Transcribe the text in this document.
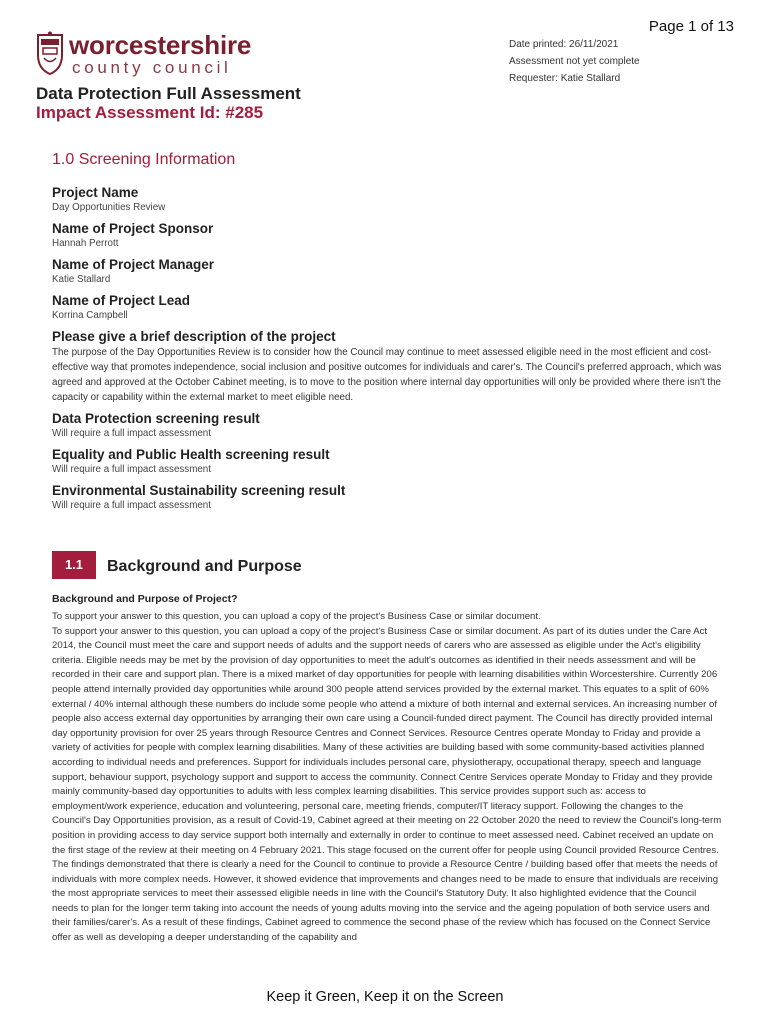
Page 1 of 13
worcestershire
county council
Date printed: 26/11/2021
Assessment not yet complete
Requester: Katie Stallard
Data Protection Full Assessment
Impact Assessment Id: #285
1.0 Screening Information
Project Name
Day Opportunities Review
Name of Project Sponsor
Hannah Perrott
Name of Project Manager
Katie Stallard
Name of Project Lead
Korrina Campbell
Please give a brief description of the project
The purpose of the Day Opportunities Review is to consider how the Council may continue to meet assessed eligible need in the most efficient and cost-effective way that promotes independence, social inclusion and positive outcomes for individuals and carer's. The Council's preferred approach, which was agreed and approved at the October Cabinet meeting, is to move to the position where internal day opportunities will only be provided where there isn't the capacity or capability within the external market to meet eligible need.
Data Protection screening result
Will require a full impact assessment
Equality and Public Health screening result
Will require a full impact assessment
Environmental Sustainability screening result
Will require a full impact assessment
1.1	Background and Purpose
Background and Purpose of Project?
To support your answer to this question, you can upload a copy of the project's Business Case or similar document.
To support your answer to this question, you can upload a copy of the project's Business Case or similar document. As part of its duties under the Care Act 2014, the Council must meet the care and support needs of adults and the support needs of carers who are assessed as eligible under the Act's eligibility criteria. Eligible needs may be met by the provision of day opportunities to meet the adult's outcomes as identified in their needs assessment and will be recorded in their care and support plan. There is a mixed market of day opportunities for people with learning disabilities within Worcestershire. Currently 206 people attend internally provided day opportunities while around 300 people attend services provided by the external market. This equates to a split of 60% external / 40% internal although these numbers do include some people who attend a mixture of both internal and external services. An increasing number of people also access external day opportunities by arranging their own care using a Council-funded direct payment. The Council has directly provided internal day opportunity provision for over 25 years through Resource Centres and Connect Services. Resource Centres operate Monday to Friday and provide a variety of activities for people with complex learning disabilities. Many of these activities are building based with some community-based activities planned according to individual needs and preferences. Support for individuals includes personal care, physiotherapy, occupational therapy, speech and language support, behaviour support, psychology support and support to access the community. Connect Centre Services operate Monday to Friday and they provide mainly community-based day opportunities to adults with less complex learning disabilities. This service provides support such as: access to employment/work experience, education and volunteering, personal care, meeting friends, computer/IT literacy support. Following the changes to the Council's Day Opportunities provision, as a result of Covid-19, Cabinet agreed at their meeting on 22 October 2020 the need to review the Council's long-term position in providing access to day service support both internally and externally in order to continue to meet assessed need. Cabinet received an update on the first stage of the review at their meeting on 4 February 2021. This stage focused on the current offer for people using Council provided Resource Centres. The findings demonstrated that there is clearly a need for the Council to continue to provide a Resource Centre / building based offer that meets the needs of individuals with more complex needs. However, it showed evidence that improvements and changes need to be made to ensure that individuals are receiving the most appropriate services to meet their assessed eligible needs in line with the Council's Statutory Duty. It also highlighted evidence that the Council needs to plan for the longer term taking into account the needs of young adults moving into the service and the ageing population of both service users and their families/carer's. As a result of these findings, Cabinet agreed to commence the second phase of the review which has focused on the Connect Service offer as well as developing a deeper understanding of the capability and
Keep it Green, Keep it on the Screen
